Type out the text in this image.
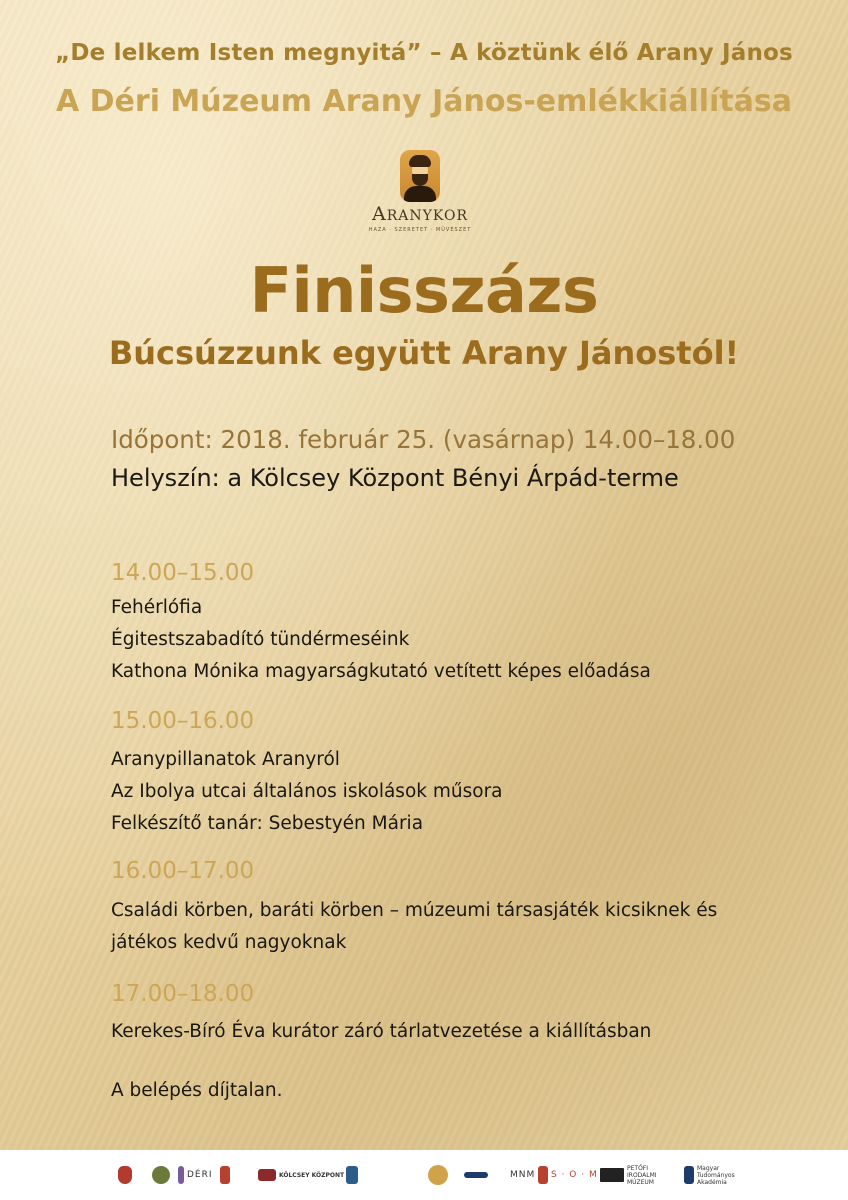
„De lelkem Isten megnyitá” – A köztünk élő Arany János
A Déri Múzeum Arany János-emlékkiállítása
ARANYKOR
HAZA · SZERETET · MŰVÉSZET
Finisszázs
Búcsúzzunk együtt Arany Jánostól!
Időpont: 2018. február 25. (vasárnap) 14.00–18.00
Helyszín: a Kölcsey Központ Bényi Árpád-terme
14.00–15.00
Fehérlófia
Égitestszabadító tündérmeséink
Kathona Mónika magyarságkutató vetített képes előadása
15.00–16.00
Aranypillanatok Aranyról
Az Ibolya utcai általános iskolások műsora
Felkészítő tanár: Sebestyén Mária
16.00–17.00
Családi körben, baráti körben – múzeumi társasjáték kicsiknek és
játékos kedvű nagyoknak
17.00–18.00
Kerekes-Bíró Éva kurátor záró tárlatvezetése a kiállításban
A belépés díjtalan.
DÉRI	KÖLCSEY KÖZPONT	MNM S · O · M
PETŐFI IRODALMI MÚZEUM
Magyar Tudományos Akadémia
